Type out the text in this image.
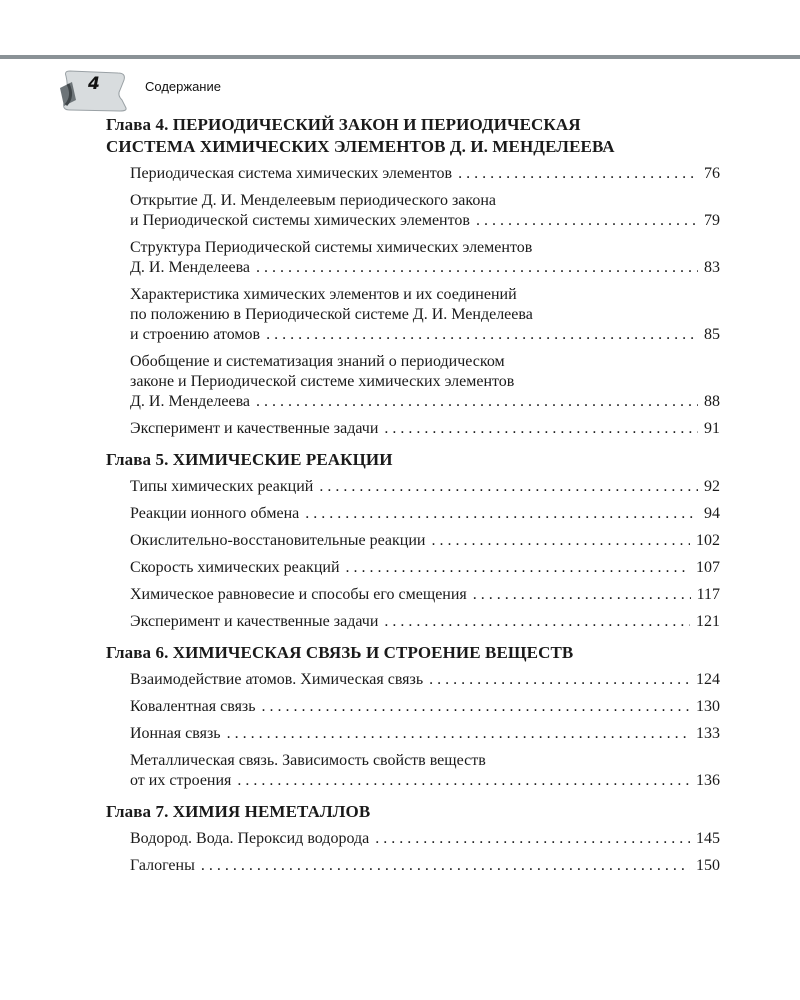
4	Содержание
Глава 4. ПЕРИОДИЧЕСКИЙ ЗАКОН И ПЕРИОДИЧЕСКАЯ
СИСТЕМА ХИМИЧЕСКИХ ЭЛЕМЕНТОВ Д. И. МЕНДЕЛЕЕВА
Периодическая система химических элементов . . .	76
Открытие Д. И. Менделеевым периодического закона
и Периодической системы химических элементов . . .	79
Структура Периодической системы химических элементов
Д. И. Менделеева . . .	83
Характеристика химических элементов и их соединений
по положению в Периодической системе Д. И. Менделеева
и строению атомов . . .	85
Обобщение и систематизация знаний о периодическом
законе и Периодической системе химических элементов
Д. И. Менделеева . . .	88
Эксперимент и качественные задачи . . .	91
Глава 5. ХИМИЧЕСКИЕ РЕАКЦИИ
Типы химических реакций . . .	92
Реакции ионного обмена . . .	94
Окислительно-восстановительные реакции . . .	102
Скорость химических реакций . . .	107
Химическое равновесие и способы его смещения . . .	117
Эксперимент и качественные задачи . . .	121
Глава 6. ХИМИЧЕСКАЯ СВЯЗЬ И СТРОЕНИЕ ВЕЩЕСТВ
Взаимодействие атомов. Химическая связь . . .	124
Ковалентная связь . . .	130
Ионная связь . . .	133
Металлическая связь. Зависимость свойств веществ
от их строения . . .	136
Глава 7. ХИМИЯ НЕМЕТАЛЛОВ
Водород. Вода. Пероксид водорода . . .	145
Галогены . . .	150
